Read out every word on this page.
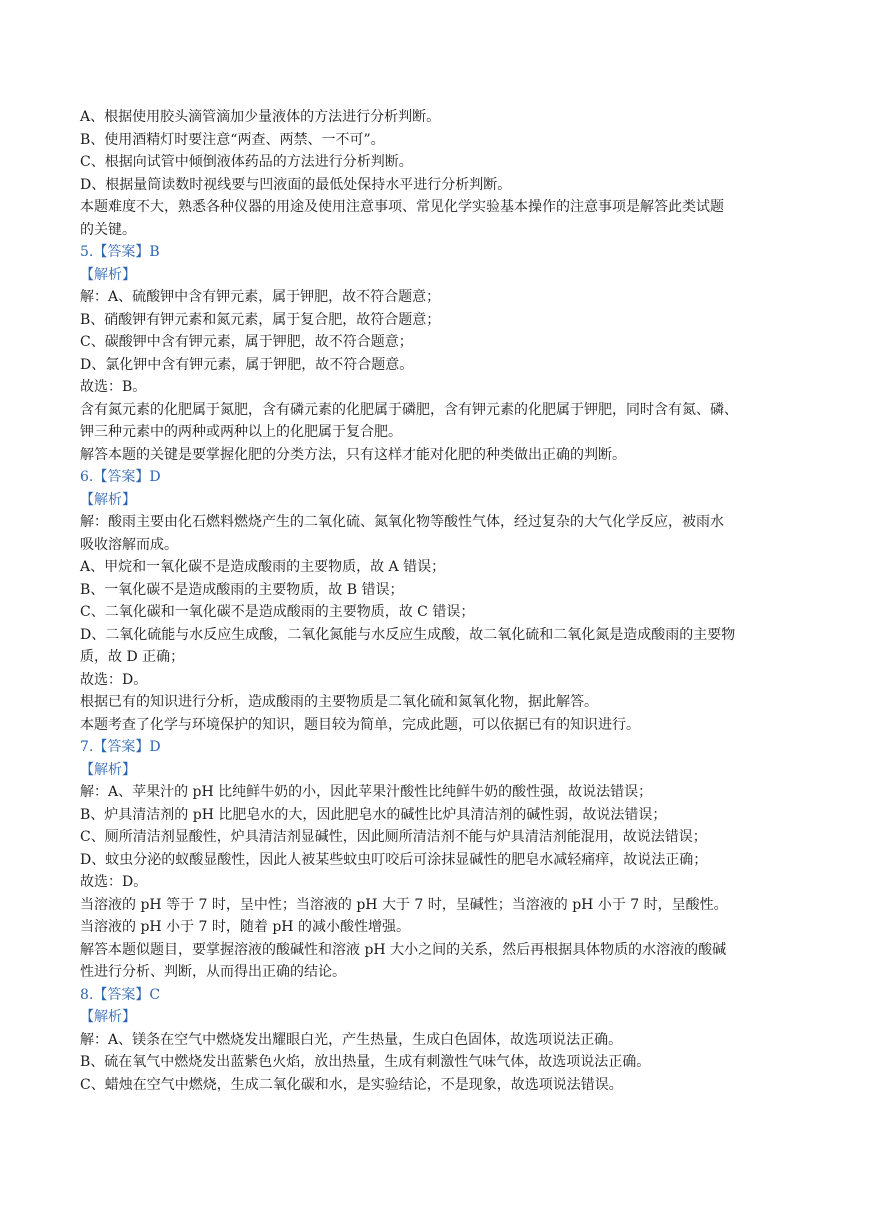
A、根据使用胶头滴管滴加少量液体的方法进行分析判断。
B、使用酒精灯时要注意“两查、两禁、一不可”。
C、根据向试管中倾倒液体药品的方法进行分析判断。
D、根据量筒读数时视线要与凹液面的最低处保持水平进行分析判断。
本题难度不大，熟悉各种仪器的用途及使用注意事项、常见化学实验基本操作的注意事项是解答此类试题
的关键。
5.【答案】B
【解析】
解：A、硫酸钾中含有钾元素，属于钾肥，故不符合题意；
B、硝酸钾有钾元素和氮元素，属于复合肥，故符合题意；
C、碳酸钾中含有钾元素，属于钾肥，故不符合题意；
D、氯化钾中含有钾元素，属于钾肥，故不符合题意。
故选：B。
含有氮元素的化肥属于氮肥，含有磷元素的化肥属于磷肥，含有钾元素的化肥属于钾肥，同时含有氮、磷、
钾三种元素中的两种或两种以上的化肥属于复合肥。
解答本题的关键是要掌握化肥的分类方法，只有这样才能对化肥的种类做出正确的判断。
6.【答案】D
【解析】
解：酸雨主要由化石燃料燃烧产生的二氧化硫、氮氧化物等酸性气体，经过复杂的大气化学反应，被雨水
吸收溶解而成。
A、甲烷和一氧化碳不是造成酸雨的主要物质，故 A 错误；
B、一氧化碳不是造成酸雨的主要物质，故 B 错误；
C、二氧化碳和一氧化碳不是造成酸雨的主要物质，故 C 错误；
D、二氧化硫能与水反应生成酸，二氧化氮能与水反应生成酸，故二氧化硫和二氧化氮是造成酸雨的主要物
质，故 D 正确；
故选：D。
根据已有的知识进行分析，造成酸雨的主要物质是二氧化硫和氮氧化物，据此解答。
本题考查了化学与环境保护的知识，题目较为简单，完成此题，可以依据已有的知识进行。
7.【答案】D
【解析】
解：A、苹果汁的 pH 比纯鲜牛奶的小，因此苹果汁酸性比纯鲜牛奶的酸性强，故说法错误；
B、炉具清洁剂的 pH 比肥皂水的大，因此肥皂水的碱性比炉具清洁剂的碱性弱，故说法错误；
C、厕所清洁剂显酸性，炉具清洁剂显碱性，因此厕所清洁剂不能与炉具清洁剂能混用，故说法错误；
D、蚊虫分泌的蚁酸显酸性，因此人被某些蚊虫叮咬后可涂抹显碱性的肥皂水减轻痛痒，故说法正确；
故选：D。
当溶液的 pH 等于 7 时，呈中性；当溶液的 pH 大于 7 时，呈碱性；当溶液的 pH 小于 7 时，呈酸性。
当溶液的 pH 小于 7 时，随着 pH 的减小酸性增强。
解答本题似题目，要掌握溶液的酸碱性和溶液 pH 大小之间的关系，然后再根据具体物质的水溶液的酸碱
性进行分析、判断，从而得出正确的结论。
8.【答案】C
【解析】
解：A、镁条在空气中燃烧发出耀眼白光，产生热量，生成白色固体，故选项说法正确。
B、硫在氧气中燃烧发出蓝紫色火焰，放出热量，生成有刺激性气味气体，故选项说法正确。
C、蜡烛在空气中燃烧，生成二氧化碳和水，是实验结论，不是现象，故选项说法错误。
